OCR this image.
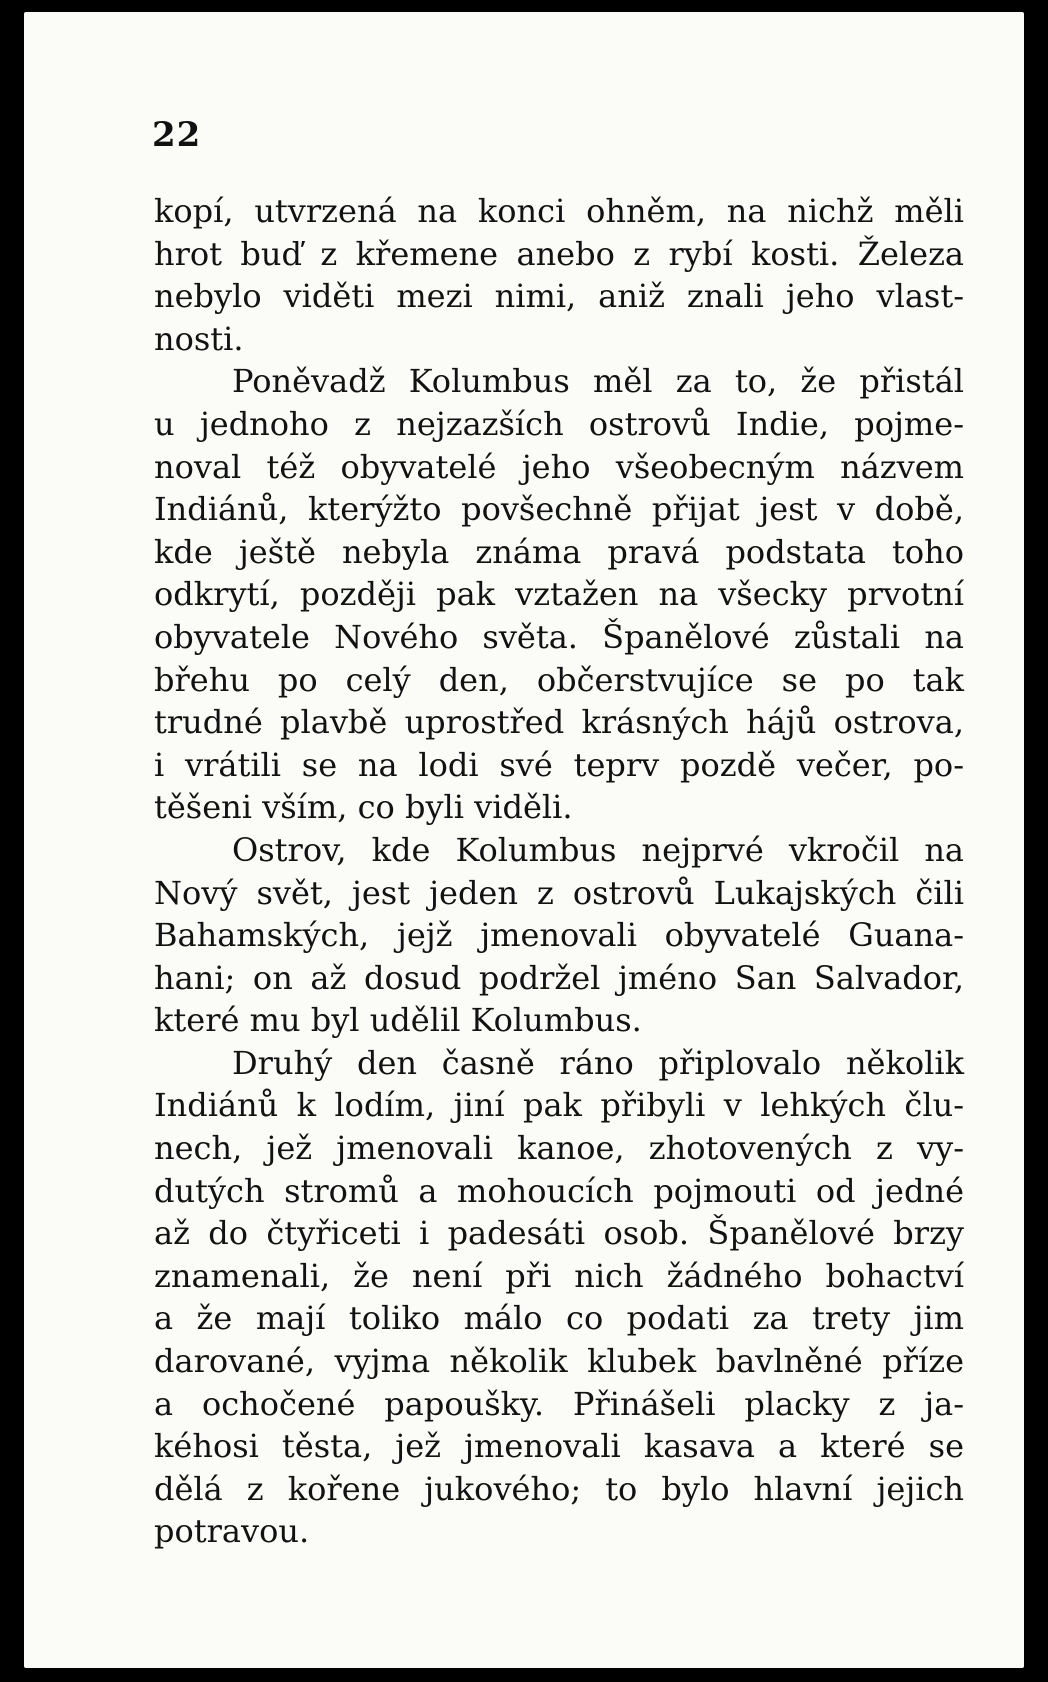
22
kopí, utvrzená na konci ohněm, na nichž měli
hrot buď z křemene anebo z rybí kosti. Železa
nebylo viděti mezi nimi, aniž znali jeho vlast-
nosti.
Poněvadž Kolumbus měl za to, že přistál
u jednoho z nejzazších ostrovů Indie, pojme-
noval též obyvatelé jeho všeobecným názvem
Indiánů, kterýžto povšechně přijat jest v době,
kde ještě nebyla známa pravá podstata toho
odkrytí, později pak vztažen na všecky prvotní
obyvatele Nového světa. Španělové zůstali na
břehu po celý den, občerstvujíce se po tak
trudné plavbě uprostřed krásných hájů ostrova,
i vrátili se na lodi své teprv pozdě večer, po-
těšeni vším, co byli viděli.
Ostrov, kde Kolumbus nejprvé vkročil na
Nový svět, jest jeden z ostrovů Lukajských čili
Bahamských, jejž jmenovali obyvatelé Guana-
hani; on až dosud podržel jméno San Salvador,
které mu byl udělil Kolumbus.
Druhý den časně ráno připlovalo několik
Indiánů k lodím, jiní pak přibyli v lehkých člu-
nech, jež jmenovali kanoe, zhotovených z vy-
dutých stromů a mohoucích pojmouti od jedné
až do čtyřiceti i padesáti osob. Španělové brzy
znamenali, že není při nich žádného bohactví
a že mají toliko málo co podati za trety jim
darované, vyjma několik klubek bavlněné příze
a ochočené papoušky. Přinášeli placky z ja-
kéhosi těsta, jež jmenovali kasava a které se
dělá z kořene jukového; to bylo hlavní jejich
potravou.
